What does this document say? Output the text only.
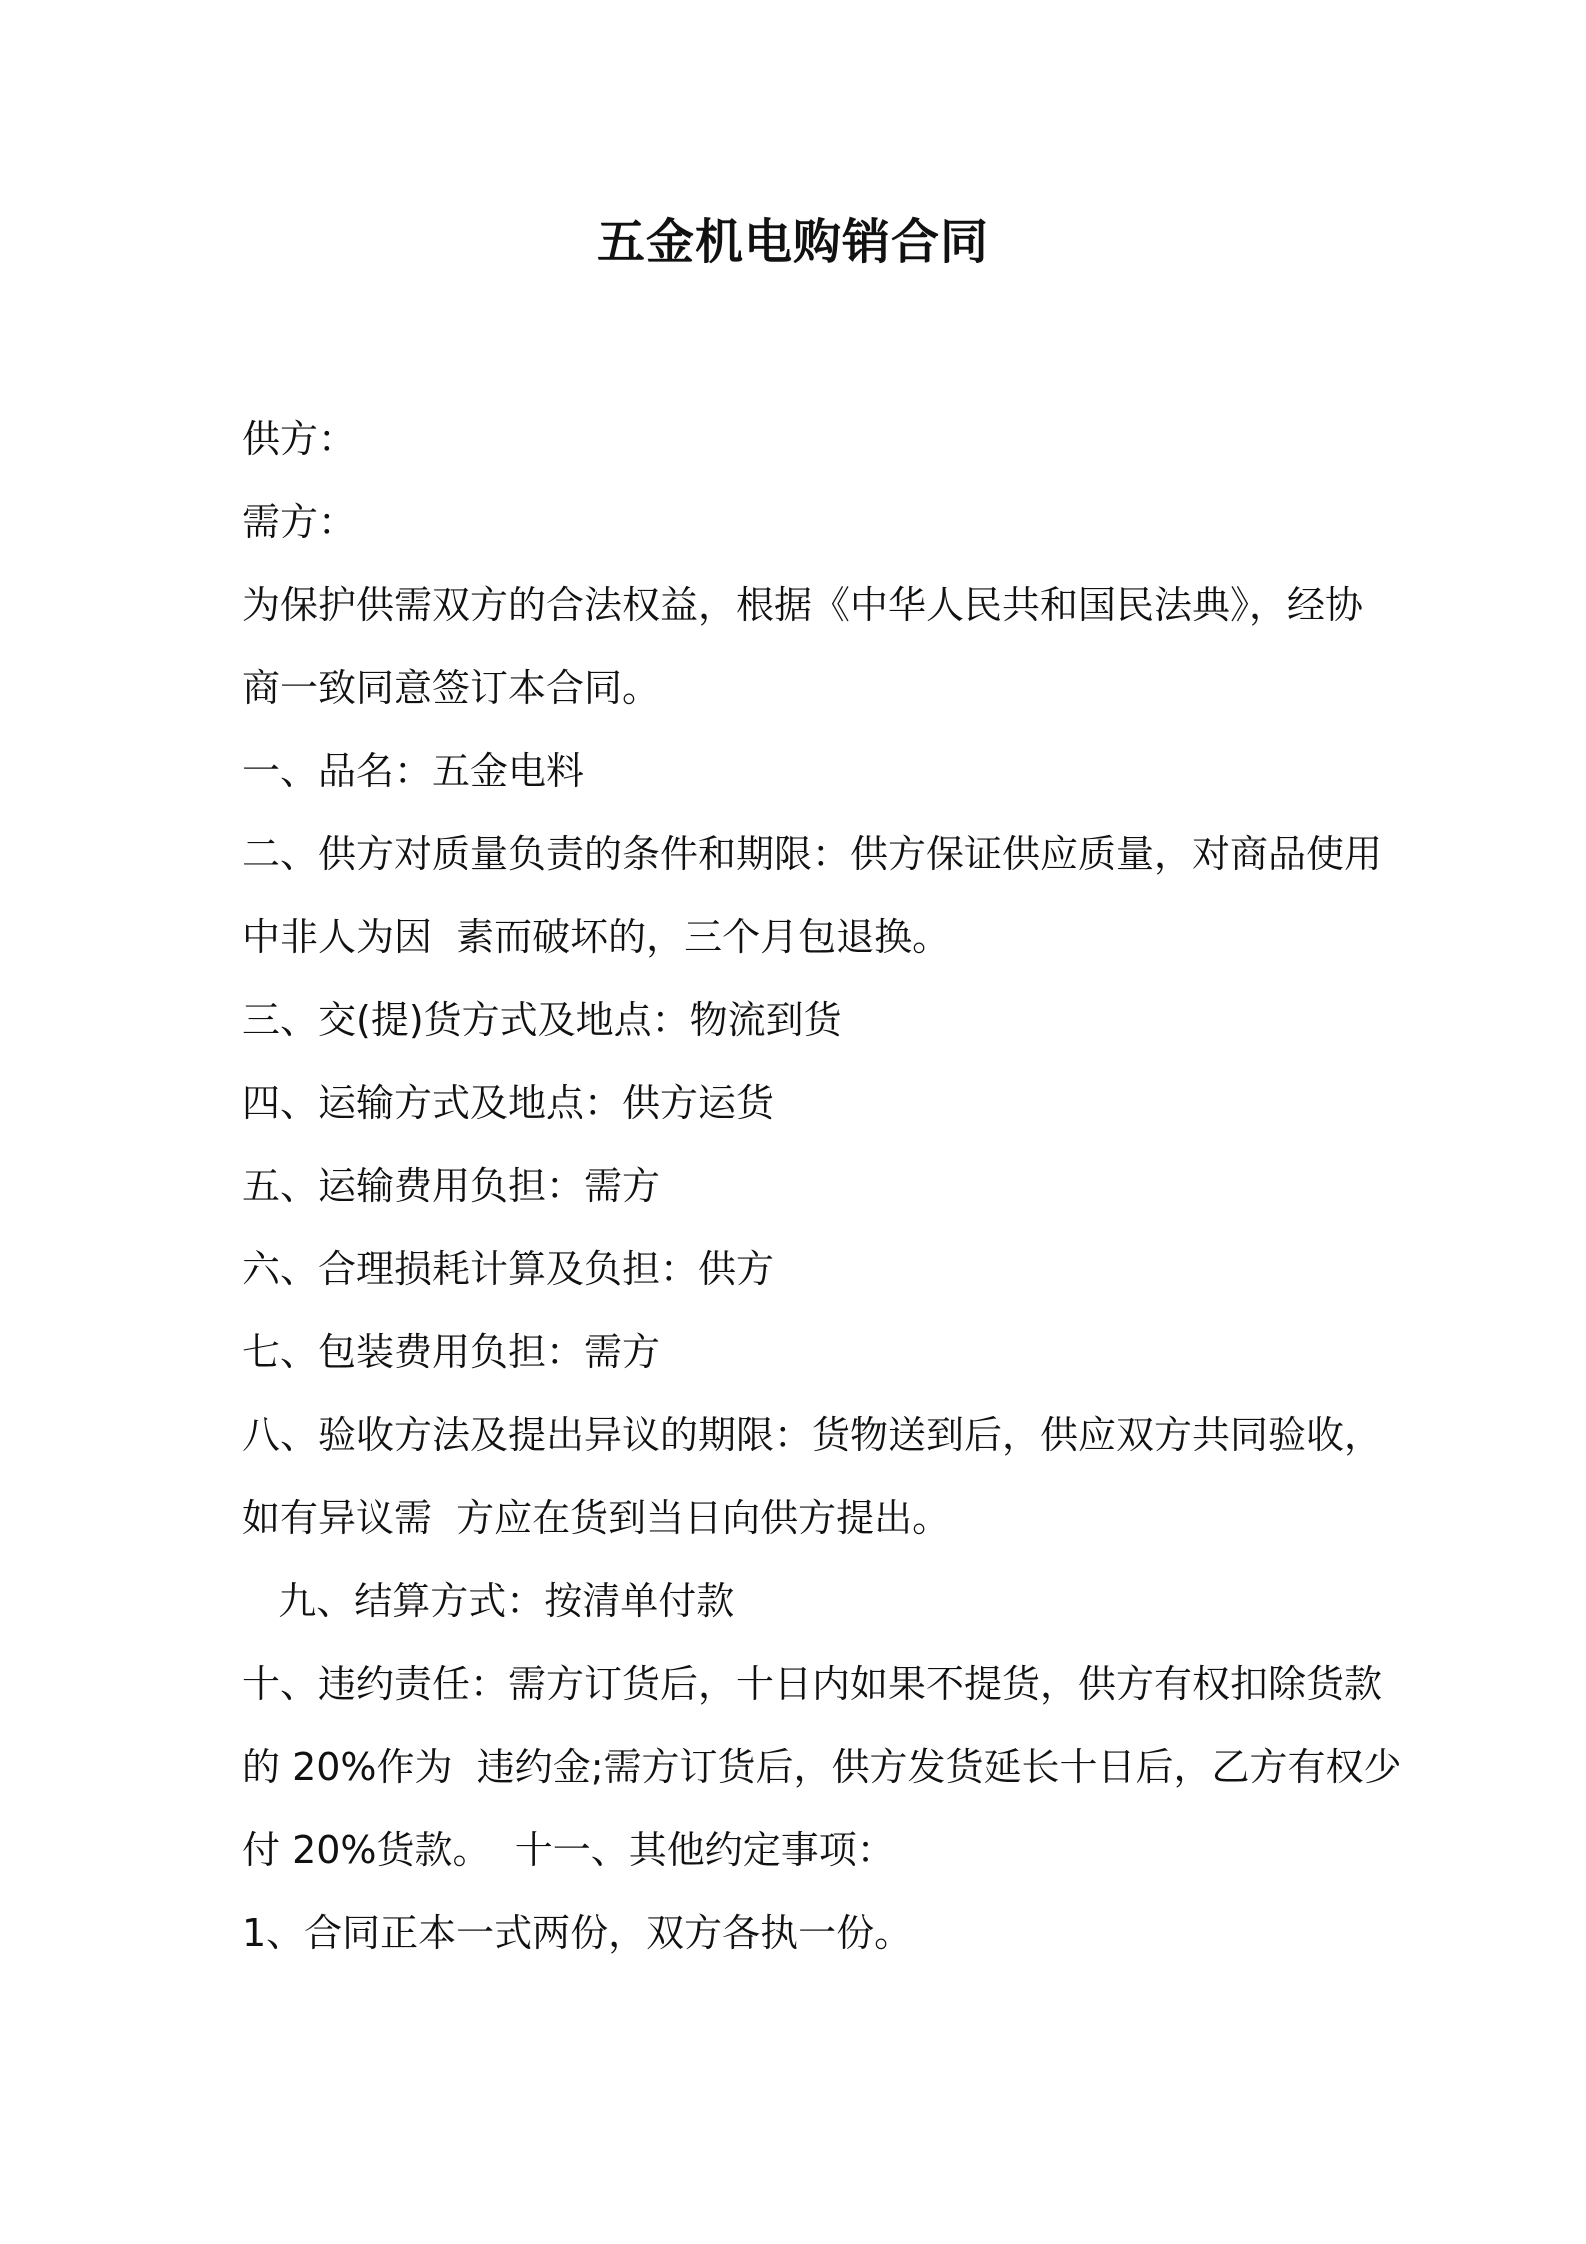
五金机电购销合同
供方：
需方：
为保护供需双方的合法权益，根据《中华人民共和国民法典》，经协
商一致同意签订本合同。
一、品名：五金电料
二、供方对质量负责的条件和期限：供方保证供应质量，对商品使用
中非人为因  素而破坏的，三个月包退换。
三、交(提)货方式及地点：物流到货
四、运输方式及地点：供方运货
五、运输费用负担：需方
六、合理损耗计算及负担：供方
七、包装费用负担：需方
八、验收方法及提出异议的期限：货物送到后，供应双方共同验收，
如有异议需  方应在货到当日向供方提出。
九、结算方式：按清单付款
十、违约责任：需方订货后，十日内如果不提货，供方有权扣除货款
的 20%作为  违约金;需方订货后，供方发货延长十日后，乙方有权少
付 20%货款。  十一、其他约定事项：
1、合同正本一式两份，双方各执一份。
